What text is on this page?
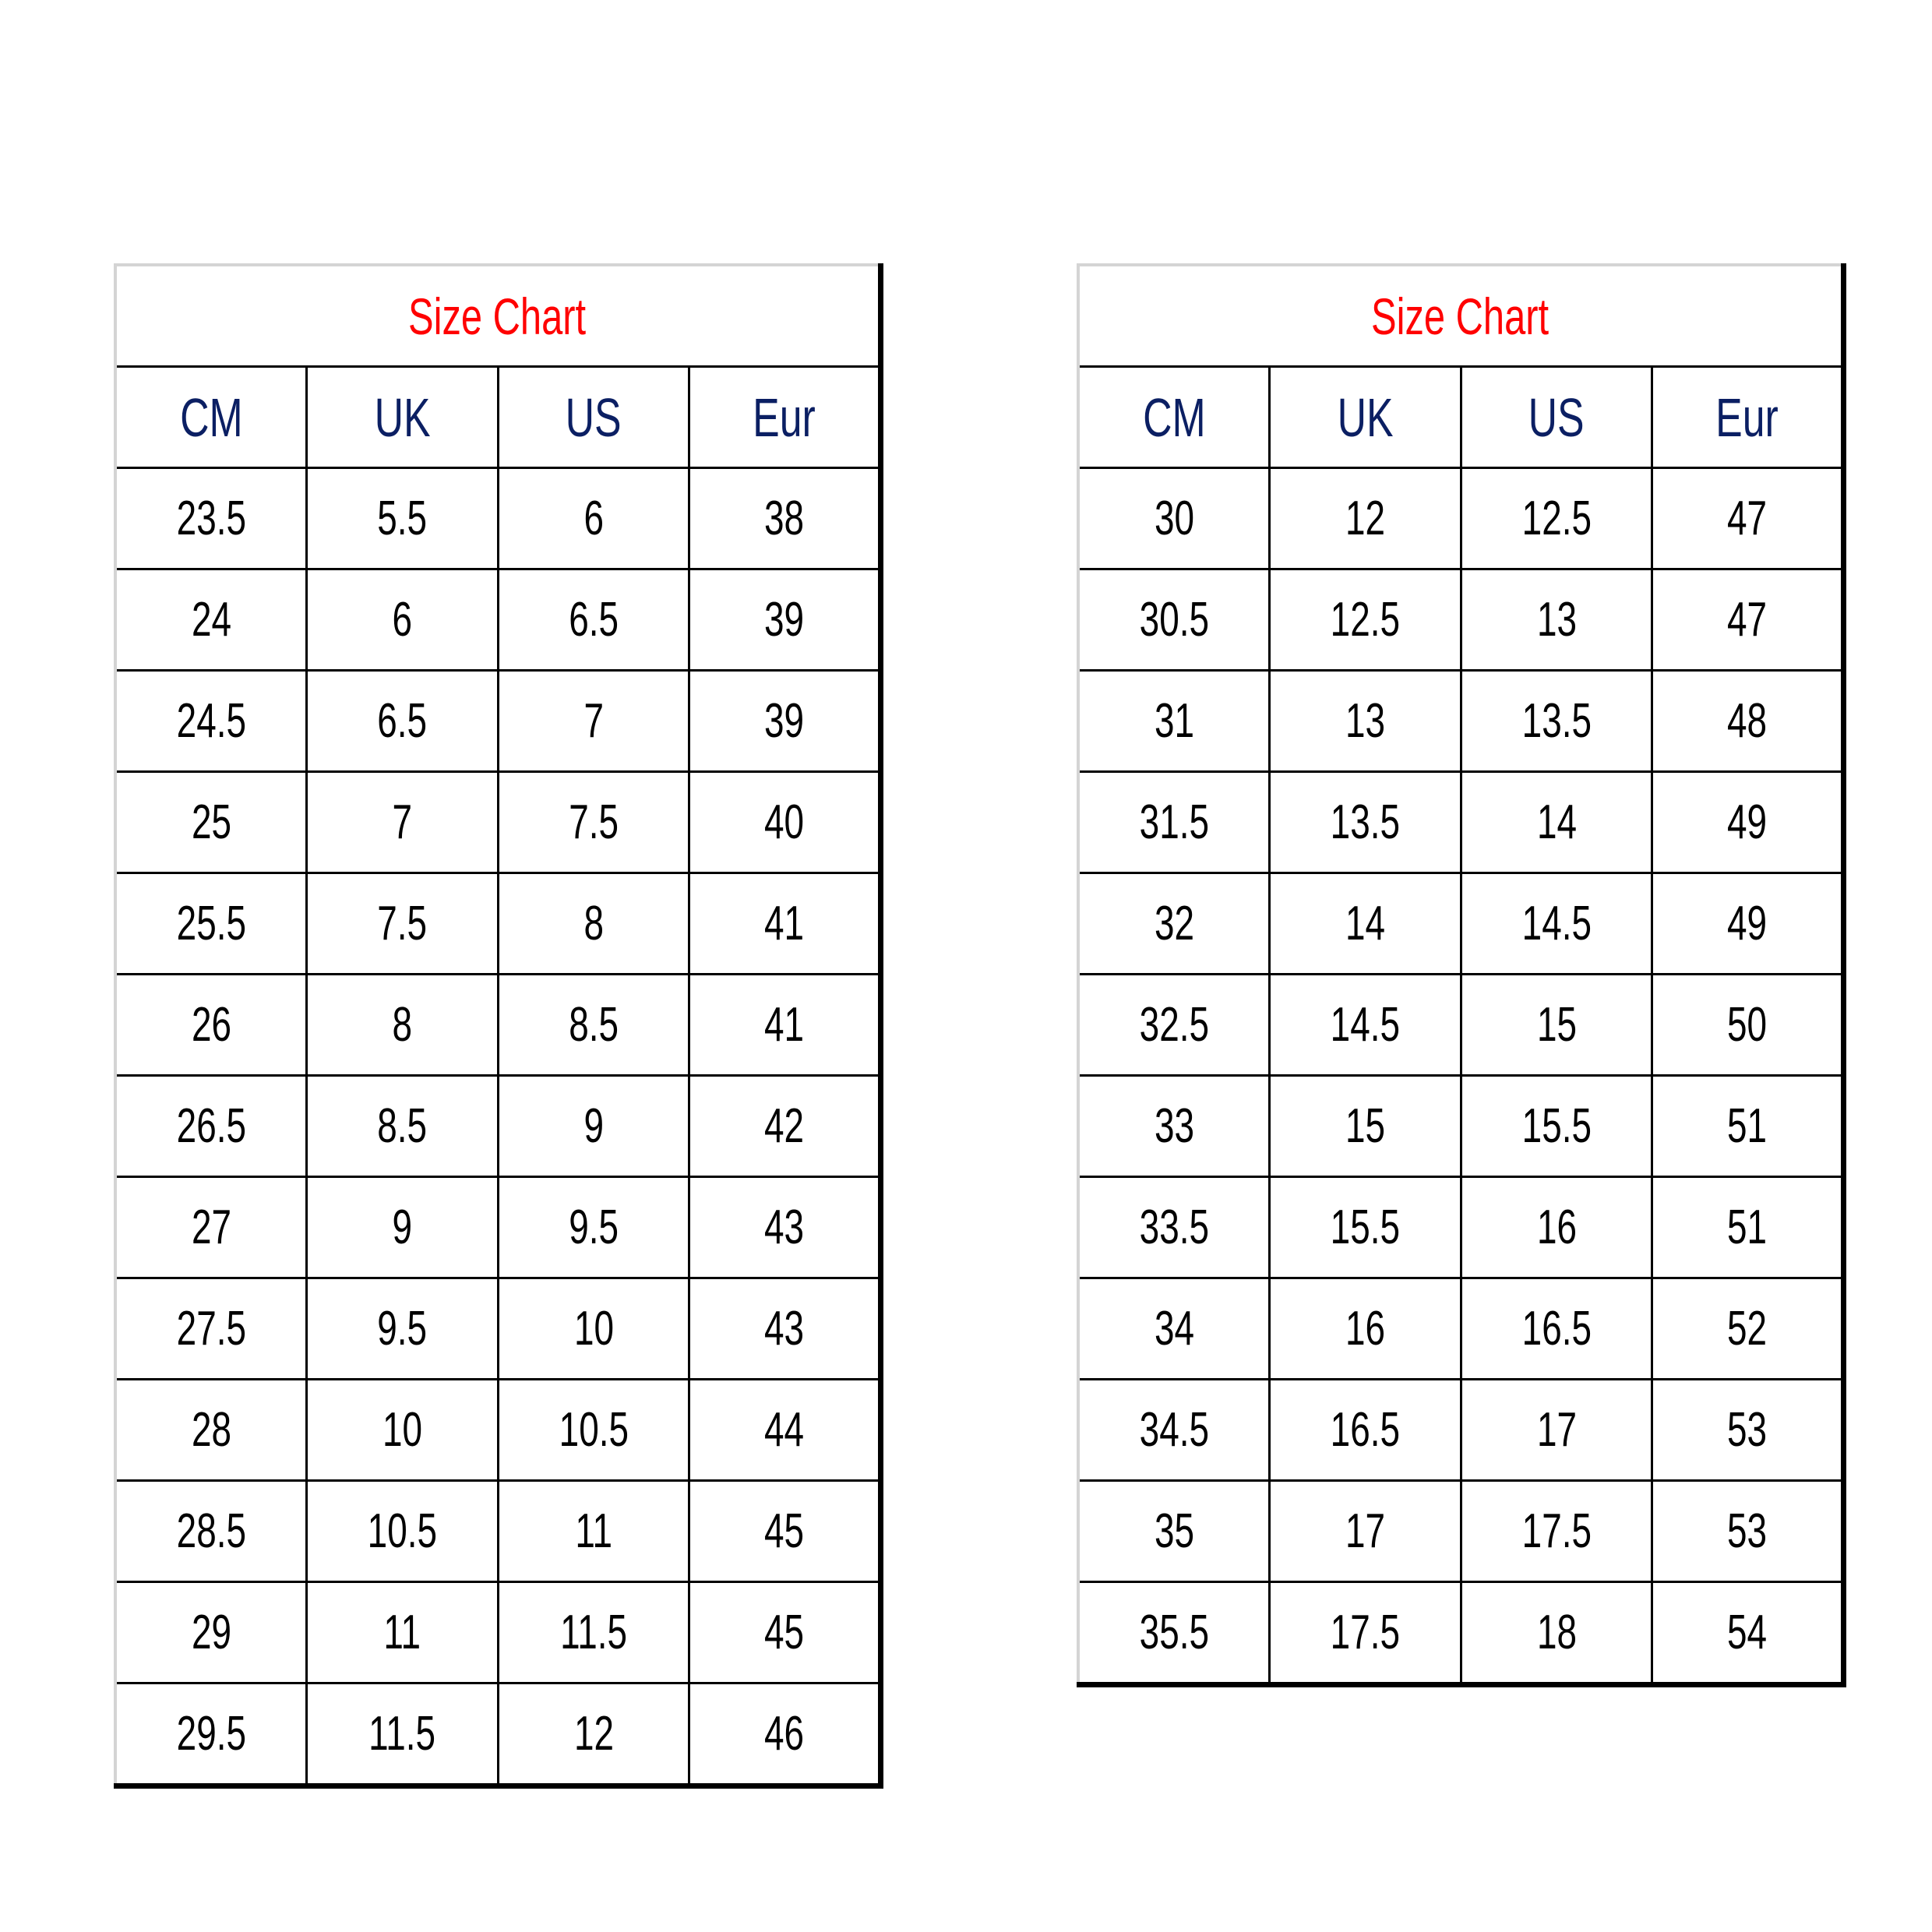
Size Chart			
CM	UK	US	Eur
23.5	5.5	6	38
24	6	6.5	39
24.5	6.5	7	39
25	7	7.5	40
25.5	7.5	8	41
26	8	8.5	41
26.5	8.5	9	42
27	9	9.5	43
27.5	9.5	10	43
28	10	10.5	44
28.5	10.5	11	45
29	11	11.5	45
29.5	11.5	12	46
Size Chart			
CM	UK	US	Eur
30	12	12.5	47
30.5	12.5	13	47
31	13	13.5	48
31.5	13.5	14	49
32	14	14.5	49
32.5	14.5	15	50
33	15	15.5	51
33.5	15.5	16	51
34	16	16.5	52
34.5	16.5	17	53
35	17	17.5	53
35.5	17.5	18	54
